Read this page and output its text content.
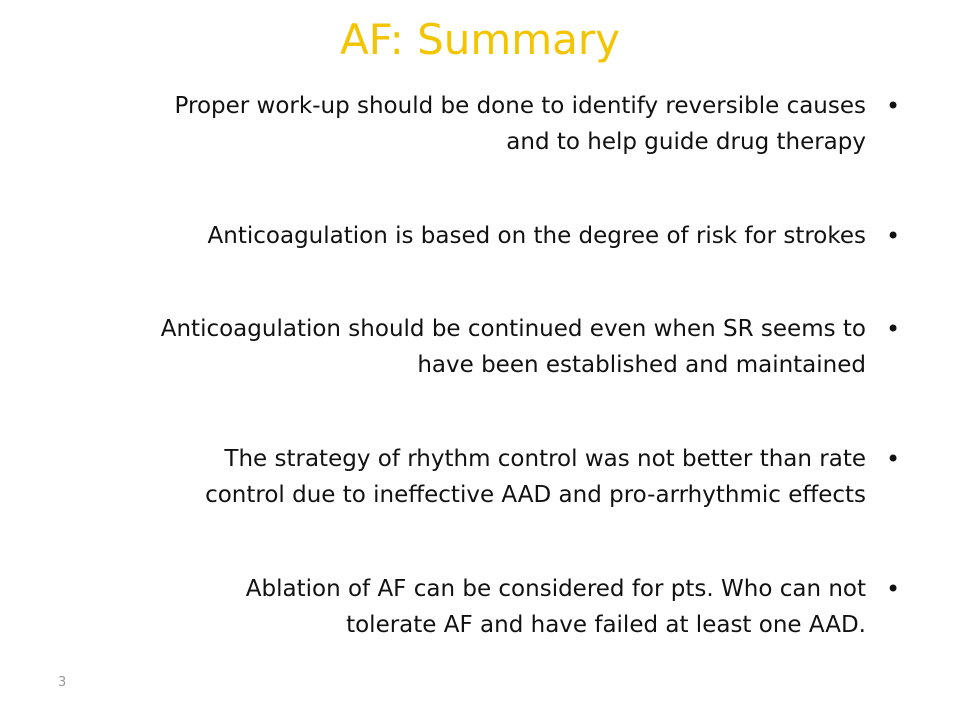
AF: Summary
Proper work-up should be done to identify reversible causes
and to help guide drug therapy
•
Anticoagulation is based on the degree of risk for strokes •
Anticoagulation should be continued even when SR seems to
have been established and maintained
•
The strategy of rhythm control was not better than rate
control due to ineffective AAD and pro-arrhythmic effects
•
Ablation of AF can be considered for pts. Who can not
tolerate AF and have failed at least one AAD.
•
3
